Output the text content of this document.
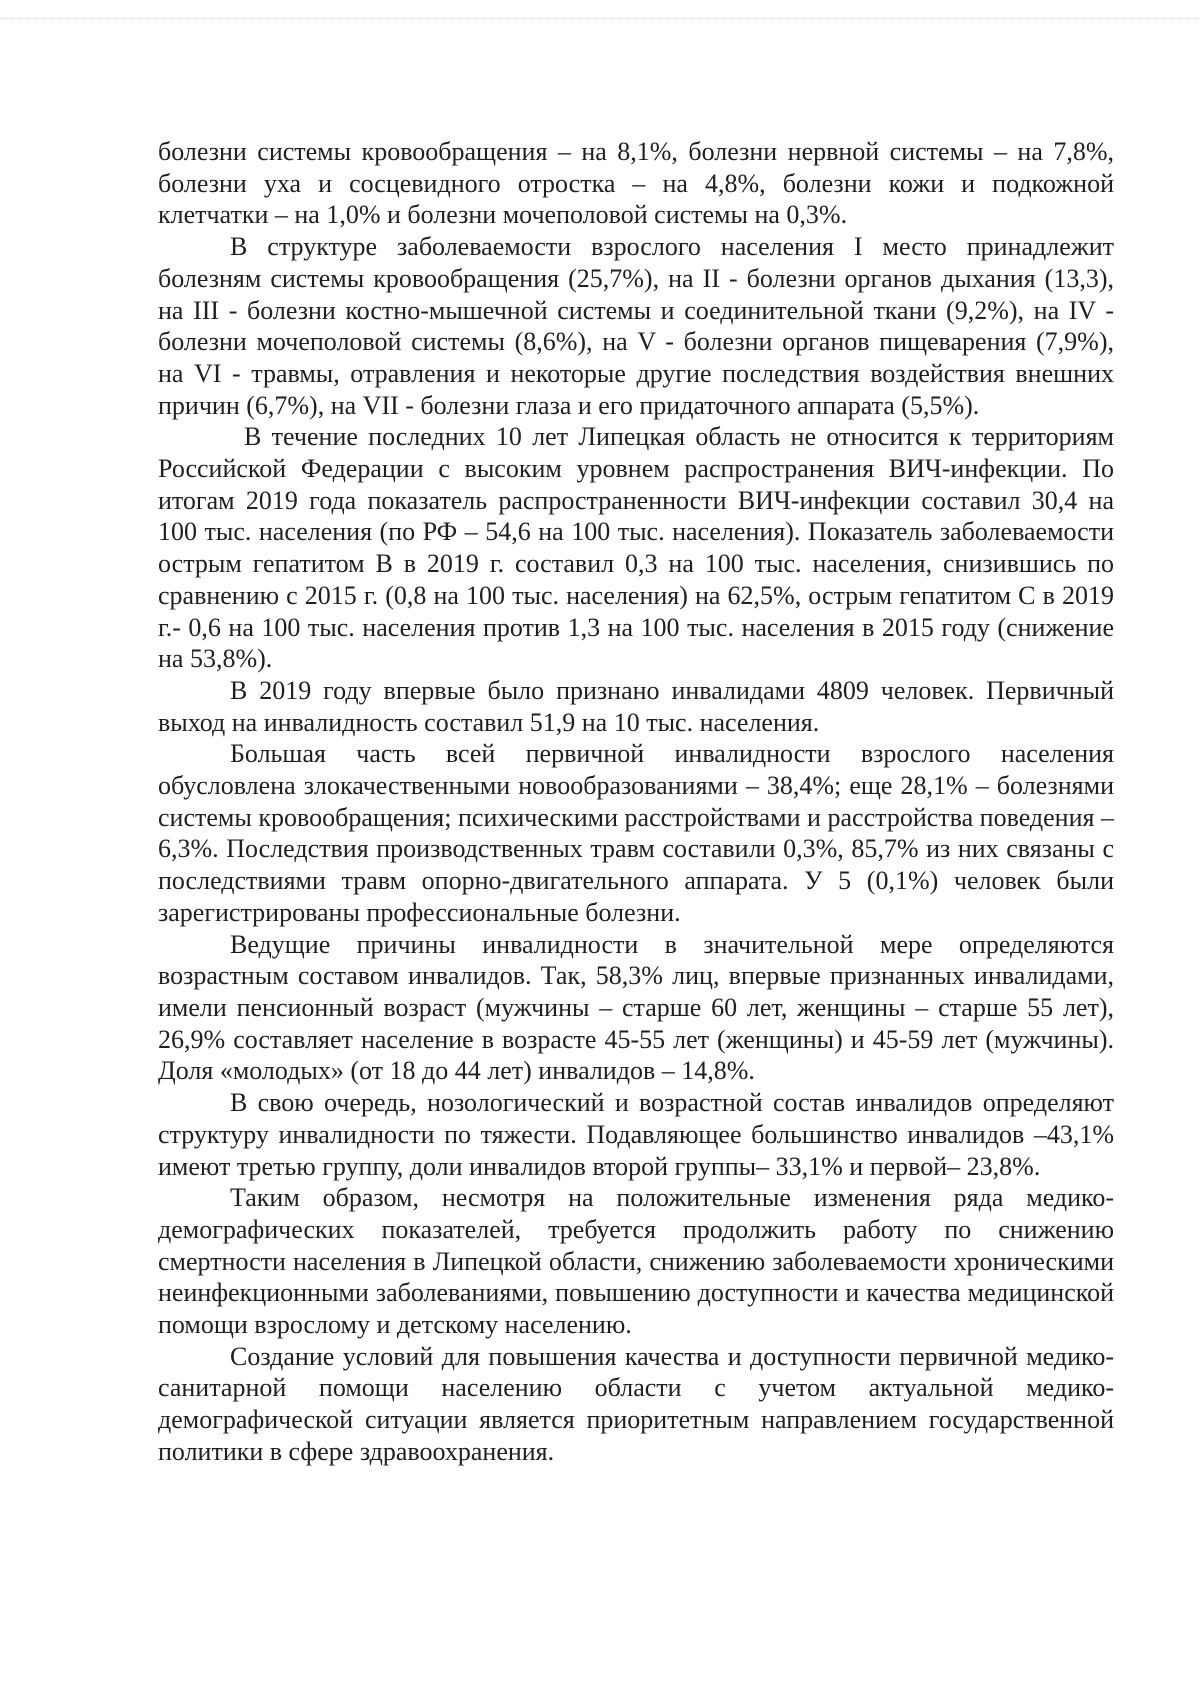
болезни системы кровообращения – на 8,1%, болезни нервной системы – на 7,8%, болезни уха и сосцевидного отростка – на 4,8%, болезни кожи и подкожной клетчатки – на 1,0% и болезни мочеполовой системы на 0,3%.

В структуре заболеваемости взрослого населения I место принадлежит болезням системы кровообращения (25,7%), на II - болезни органов дыхания (13,3), на III - болезни костно-мышечной системы и соединительной ткани (9,2%), на IV - болезни мочеполовой системы (8,6%), на V - болезни органов пищеварения (7,9%), на VI - травмы, отравления и некоторые другие последствия воздействия внешних причин (6,7%), на VII - болезни глаза и его придаточного аппарата (5,5%).

В течение последних 10 лет Липецкая область не относится к территориям Российской Федерации с высоким уровнем распространения ВИЧ-инфекции. По итогам 2019 года показатель распространенности ВИЧ-инфекции составил 30,4 на 100 тыс. населения (по РФ – 54,6 на 100 тыс. населения). Показатель заболеваемости острым гепатитом В в 2019 г. составил 0,3 на 100 тыс. населения, снизившись по сравнению с 2015 г. (0,8 на 100 тыс. населения) на 62,5%, острым гепатитом С в 2019 г.- 0,6 на 100 тыс. населения против 1,3 на 100 тыс. населения в 2015 году (снижение на 53,8%).

В 2019 году впервые было признано инвалидами 4809 человек. Первичный выход на инвалидность составил 51,9 на 10 тыс. населения.

Большая часть всей первичной инвалидности взрослого населения обусловлена злокачественными новообразованиями – 38,4%; еще 28,1% – болезнями системы кровообращения; психическими расстройствами и расстройства поведения – 6,3%. Последствия производственных травм составили 0,3%, 85,7% из них связаны с последствиями травм опорно-двигательного аппарата. У 5 (0,1%) человек были зарегистрированы профессиональные болезни.

Ведущие причины инвалидности в значительной мере определяются возрастным составом инвалидов. Так, 58,3% лиц, впервые признанных инвалидами, имели пенсионный возраст (мужчины – старше 60 лет, женщины – старше 55 лет), 26,9% составляет население в возрасте 45-55 лет (женщины) и 45-59 лет (мужчины). Доля «молодых» (от 18 до 44 лет) инвалидов – 14,8%.

В свою очередь, нозологический и возрастной состав инвалидов определяют структуру инвалидности по тяжести. Подавляющее большинство инвалидов –43,1% имеют третью группу, доли инвалидов второй группы– 33,1% и первой– 23,8%.

Таким образом, несмотря на положительные изменения ряда медико-демографических показателей, требуется продолжить работу по снижению смертности населения в Липецкой области, снижению заболеваемости хроническими неинфекционными заболеваниями, повышению доступности и качества медицинской помощи взрослому и детскому населению.

Создание условий для повышения качества и доступности первичной медико-санитарной помощи населению области с учетом актуальной медико-демографической ситуации является приоритетным направлением государственной политики в сфере здравоохранения.
